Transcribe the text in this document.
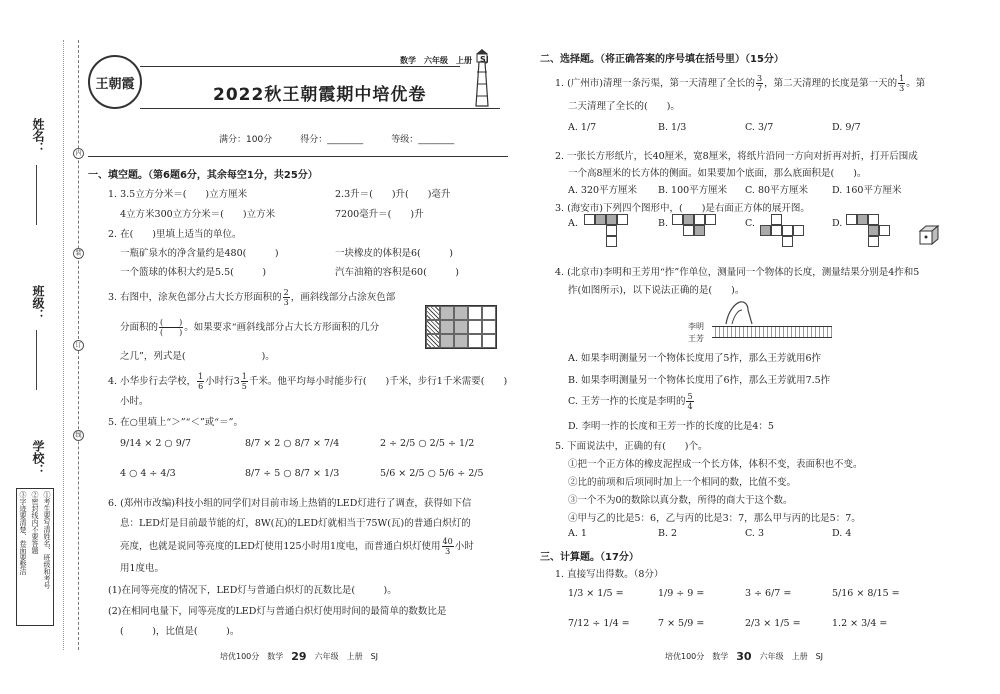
姓名：
班级：
学校：
内
装
订
线
①考生要写清姓名、班级和考号
②密封线内不要答题
③字迹要清楚、卷面要整洁
王朝霞
数学 六年级 上册 SJ
2022秋王朝霞期中培优卷
满分：100分	得分：________	等级：________
一、填空题。（第6题6分，其余每空1分，共25分）
1. 3.5立方分米＝(　　)立方厘米	2.3升＝(　　)升(　　)毫升
4立方米300立方分米＝(　　)立方米	7200毫升＝(　　)升
2. 在(　　)里填上适当的单位。
一瓶矿泉水的净含量约是480(　　　)	一块橡皮的体积是6(　　　)
一个篮球的体积大约是5.5(　　　)	汽车油箱的容积是60(　　　)
3. 右图中，涂灰色部分占大长方形面积的 $\frac{2}{3}$ ，画斜线部分占涂灰色部
分面积的 $\frac{( )}{( )}$ 。如果要求“画斜线部分占大长方形面积的几分
之几”，列式是(　　　　　　　　)。
4. 小华步行去学校， $\frac{1}{6}$ 小时行$3 \frac{1}{5}$ 千米。他平均每小时能步行(　　)千米，步行1千米需要(　　)
小时。
5. 在○里填上“＞”“＜”或“＝”。
9/14 × 2 ○ 9/7	8/7 × 2 ○ 8/7 × 7/4	2 ÷ 2/5 ○ 2/5 ÷ 1/2
4 ○ 4 ÷ 4/3	8/7 ÷ 5 ○ 8/7 × 1/3	5/6 × 2/5 ○ 5/6 ÷ 2/5
6. (郑州市改编)科技小组的同学们对目前市场上热销的LED灯进行了调查，获得如下信
息：LED灯是目前最节能的灯，8W(瓦)的LED灯就相当于75W(瓦)的普通白炽灯的
亮度，也就是说同等亮度的LED灯使用125小时用1度电，而普通白炽灯使用 $\frac{40}{3}$ 小时
用1度电。
(1)在同等亮度的情况下，LED灯与普通白炽灯的瓦数比是(　　　)。
(2)在相同电量下，同等亮度的LED灯与普通白炽灯使用时间的最简单的数数比是
(　　　)，比值是(　　　)。
培优100分 数学 29 六年级 上册 SJ
二、选择题。（将正确答案的序号填在括号里）（15分）
1. (广州市)清理一条污渠，第一天清理了全长的 $\frac{3}{7}$ ，第二天清理的长度是第一天的 $\frac{1}{3}$ 。第
二天清理了全长的(　　)。
A. 1/7	B. 1/3	C. 3/7	D. 9/7
2. 一张长方形纸片，长40厘米，宽8厘米，将纸片沿同一方向对折再对折，打开后围成
一个高8厘米的长方体的侧面。如果要加个底面，那么底面积是(　　)。
A. 320平方厘米 B. 100平方厘米 C. 80平方厘米	D. 160平方厘米
3. (海安市)下列四个图形中，(　　)是右面正方体的展开图。
A.	B.	C.	D.
4. (北京市)李明和王芳用“拃”作单位，测量同一个物体的长度，测量结果分别是4拃和5
拃(如图所示)，以下说法正确的是(　　)。
李明
王芳
A. 如果李明测量另一个物体长度用了5拃，那么王芳就用6拃
B. 如果李明测量另一个物体长度用了6拃，那么王芳就用7.5拃
C. 王芳一拃的长度是李明的 $\frac{5}{4}$
D. 李明一拃的长度和王芳一拃的长度的比是4：5
5. 下面说法中，正确的有(　　)个。
①把一个正方体的橡皮泥捏成一个长方体，体积不变，表面积也不变。
②比的前项和后项同时加上一个相同的数，比值不变。
③一个不为0的数除以真分数，所得的商大于这个数。
④甲与乙的比是5：6，乙与丙的比是3：7，那么甲与丙的比是5：7。
A. 1	B. 2	C. 3	D. 4
三、计算题。（17分）
1. 直接写出得数。（8分）
1/3 × 1/5 =	1/9 ÷ 9 =	3 ÷ 6/7 =	5/16 × 8/15 =
7/12 ÷ 1/4 =	7 × 5/9 =	2/3 × 1/5 =	1.2 × 3/4 =
培优100分 数学 30 六年级 上册 SJ
